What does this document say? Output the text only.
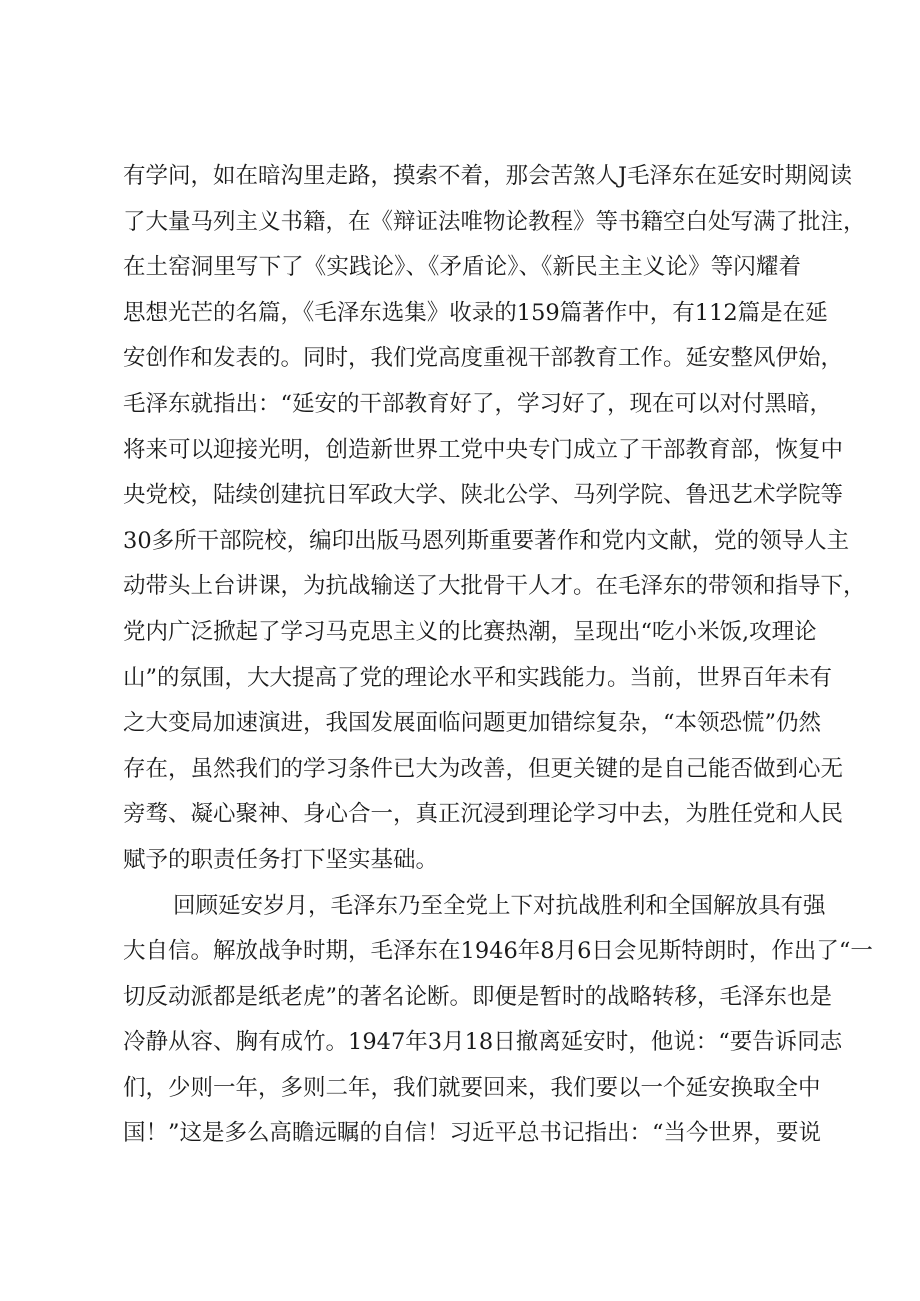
有学问，如在暗沟里走路，摸索不着，那会苦煞人J毛泽东在延安时期阅读
了大量马列主义书籍，在《辩证法唯物论教程》等书籍空白处写满了批注，
在土窑洞里写下了《实践论》、《矛盾论》、《新民主主义论》等闪耀着
思想光芒的名篇，《毛泽东选集》收录的159篇著作中，有112篇是在延
安创作和发表的。同时，我们党高度重视干部教育工作。延安整风伊始，
毛泽东就指出：“延安的干部教育好了，学习好了，现在可以对付黑暗，
将来可以迎接光明，创造新世界工党中央专门成立了干部教育部，恢复中
央党校，陆续创建抗日军政大学、陕北公学、马列学院、鲁迅艺术学院等
30多所干部院校，编印出版马恩列斯重要著作和党内文献，党的领导人主
动带头上台讲课，为抗战输送了大批骨干人才。在毛泽东的带领和指导下，
党内广泛掀起了学习马克思主义的比赛热潮，呈现出“吃小米饭,攻理论
山”的氛围，大大提高了党的理论水平和实践能力。当前，世界百年未有
之大变局加速演进，我国发展面临问题更加错综复杂，“本领恐慌”仍然
存在，虽然我们的学习条件已大为改善，但更关键的是自己能否做到心无
旁骛、凝心聚神、身心合一，真正沉浸到理论学习中去，为胜任党和人民
赋予的职责任务打下坚实基础。
回顾延安岁月，毛泽东乃至全党上下对抗战胜利和全国解放具有强
大自信。解放战争时期，毛泽东在1946年8月6日会见斯特朗时，作出了“一
切反动派都是纸老虎”的著名论断。即便是暂时的战略转移，毛泽东也是
冷静从容、胸有成竹。1947年3月18日撤离延安时，他说：“要告诉同志
们，少则一年，多则二年，我们就要回来，我们要以一个延安换取全中
国！”这是多么高瞻远瞩的自信！习近平总书记指出：“当今世界，要说
